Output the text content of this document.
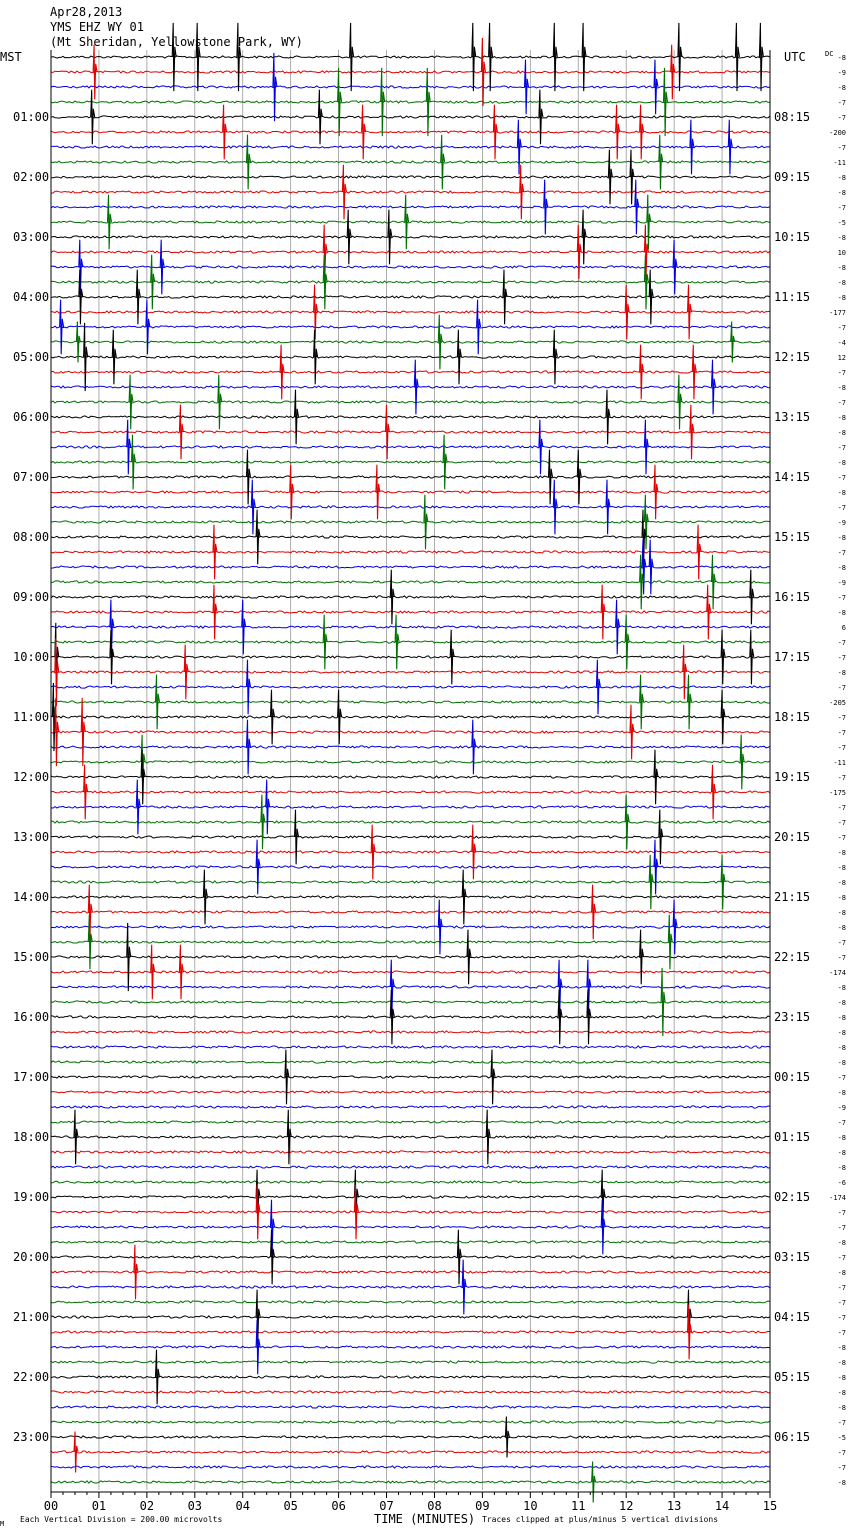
00	01	02	03	04	05	06	07	08	09	10	11	12	13	14	15
01:00
02:00
03:00
04:00
05:00
06:00
07:00
08:00
09:00
10:00
11:00
12:00
13:00
14:00
15:00
16:00
17:00
18:00
19:00
20:00
21:00
22:00
23:00
08:15
09:15
10:15
11:15
12:15
13:15
14:15
15:15
16:15
17:15
18:15
19:15
20:15
21:15
22:15
23:15
00:15
01:15
02:15
03:15
04:15
05:15
06:15
-8
-9
-8
-7
-7
-200
-7
-11
-8
-8
-7
-5
-8
10
-8
-8
-8
-177
-7
-4
12
-7
-8
-7
-8
-8
-7
-8
-7
-8
-7
-9
-8
-7
-8
-9
-7
-8
6
-7
-7
-8
-7
-205
-7
-7
-7
-11
-7
-175
-7
-7
-7
-8
-8
-8
-8
-8
-8
-7
-7
-174
-8
-8
-8
-8
-8
-8
-7
-8
-9
-7
-8
-8
-8
-6
-174
-7
-7
-8
-7
-8
-7
-7
-7
-7
-8
-8
-8
-8
-8
-7
-5
-7
-7
-8
Apr28,2013
YMS EHZ WY 01
(Mt Sheridan, Yellowstone Park, WY)
MST	UTC	DC
M Each Vertical Division = 200.00 microvolts	TIME (MINUTES) Traces clipped at plus/minus 5 vertical divisions
